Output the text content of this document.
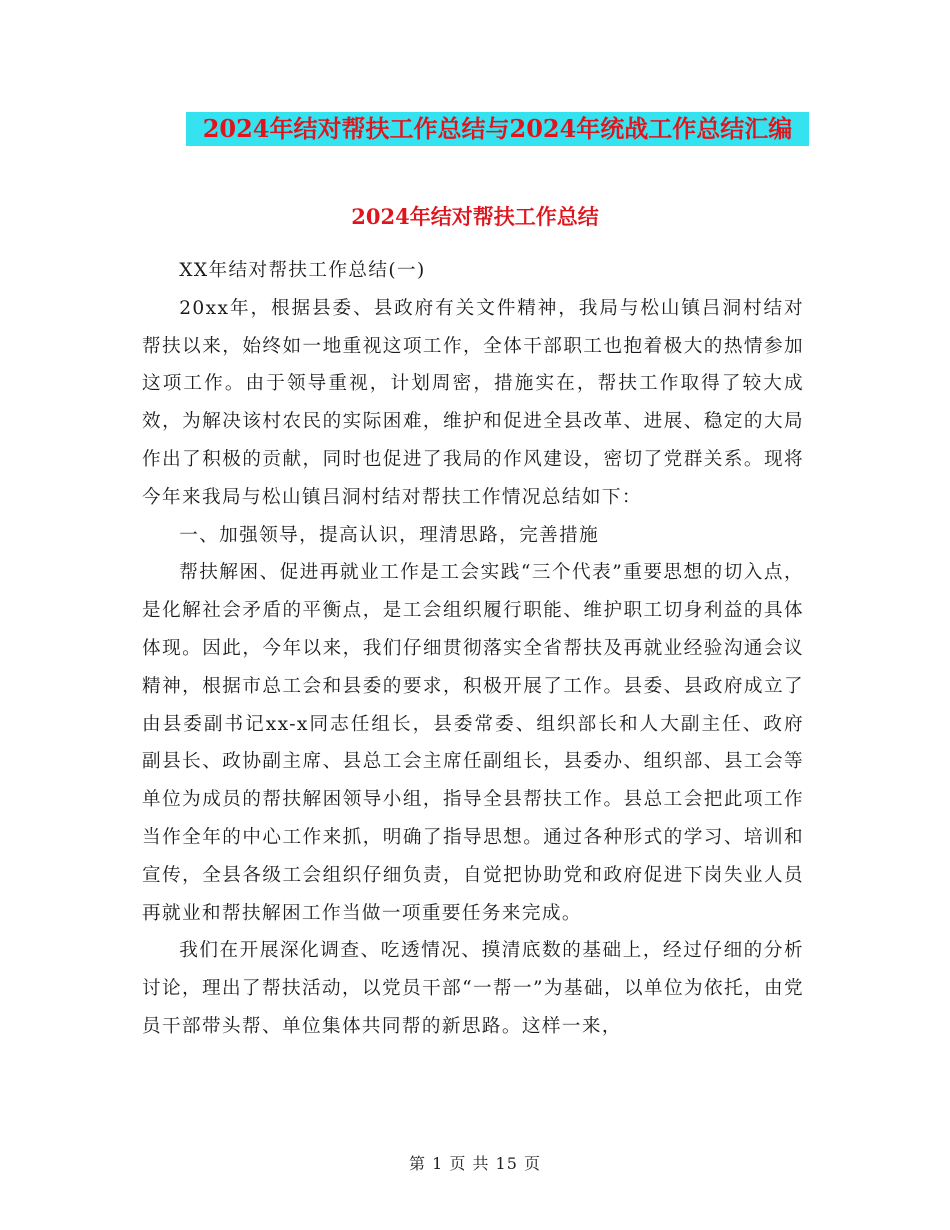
2024年结对帮扶工作总结与2024年统战工作总结汇编
2024年结对帮扶工作总结

XX年结对帮扶工作总结(一)

20xx年，根据县委、县政府有关文件精神，我局与松山镇吕洞村结对帮扶以来，始终如一地重视这项工作，全体干部职工也抱着极大的热情参加这项工作。由于领导重视，计划周密，措施实在，帮扶工作取得了较大成效，为解决该村农民的实际困难，维护和促进全县改革、进展、稳定的大局作出了积极的贡献，同时也促进了我局的作风建设，密切了党群关系。现将今年来我局与松山镇吕洞村结对帮扶工作情况总结如下：

一、加强领导，提高认识，理清思路，完善措施

帮扶解困、促进再就业工作是工会实践“三个代表”重要思想的切入点，是化解社会矛盾的平衡点，是工会组织履行职能、维护职工切身利益的具体体现。因此，今年以来，我们仔细贯彻落实全省帮扶及再就业经验沟通会议精神，根据市总工会和县委的要求，积极开展了工作。县委、县政府成立了由县委副书记xx-x同志任组长，县委常委、组织部长和人大副主任、政府副县长、政协副主席、县总工会主席任副组长，县委办、组织部、县工会等单位为成员的帮扶解困领导小组，指导全县帮扶工作。县总工会把此项工作当作全年的中心工作来抓，明确了指导思想。通过各种形式的学习、培训和宣传，全县各级工会组织仔细负责，自觉把协助党和政府促进下岗失业人员再就业和帮扶解困工作当做一项重要任务来完成。

我们在开展深化调查、吃透情况、摸清底数的基础上，经过仔细的分析讨论，理出了帮扶活动，以党员干部“一帮一”为基础，以单位为依托，由党员干部带头帮、单位集体共同帮的新思路。这样一来，

第 1 页 共 15 页
